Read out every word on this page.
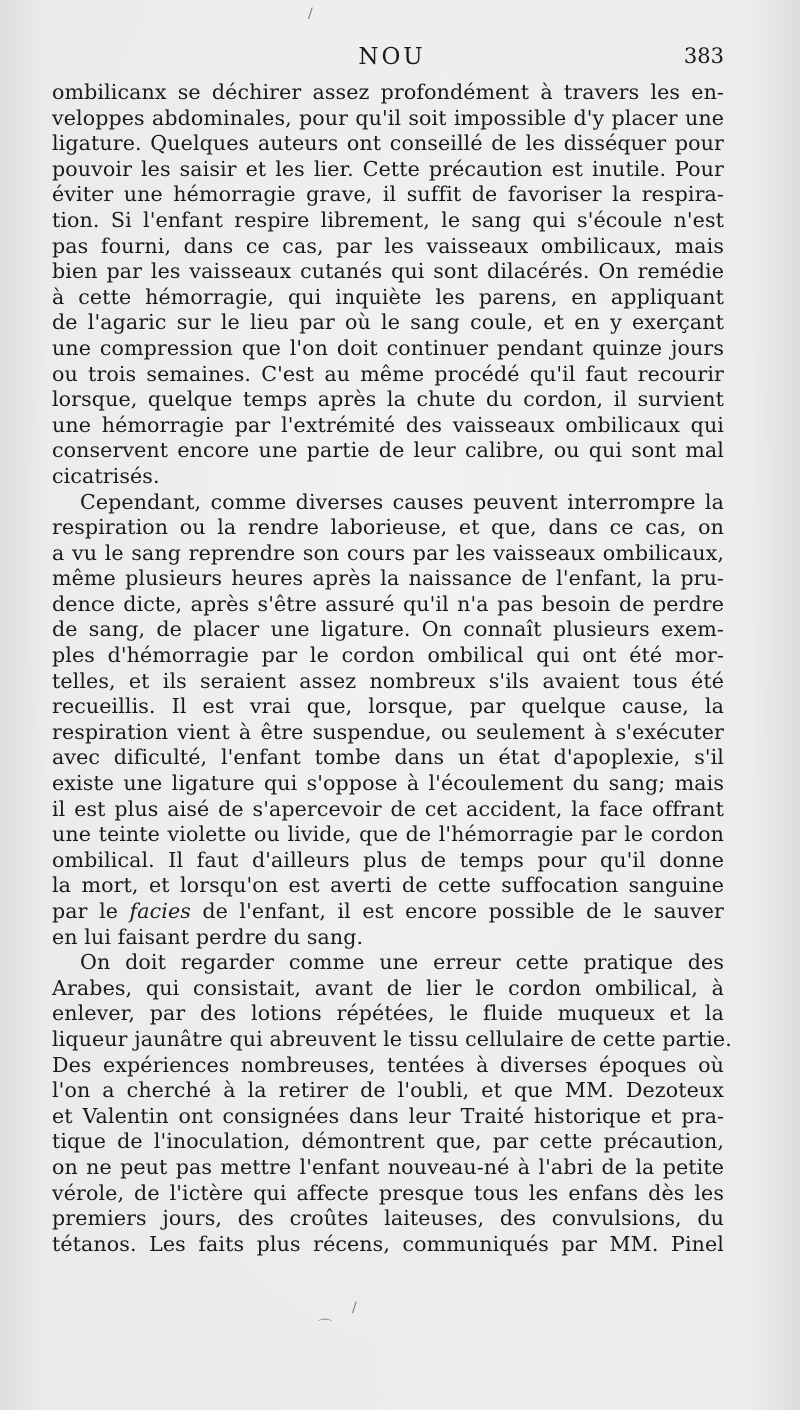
NOU	383
ombilicanx se déchirer assez profondément à travers les en-
veloppes abdominales, pour qu'il soit impossible d'y placer une
ligature. Quelques auteurs ont conseillé de les disséquer pour
pouvoir les saisir et les lier. Cette précaution est inutile. Pour
éviter une hémorragie grave, il suffit de favoriser la respira-
tion. Si l'enfant respire librement, le sang qui s'écoule n'est
pas fourni, dans ce cas, par les vaisseaux ombilicaux, mais
bien par les vaisseaux cutanés qui sont dilacérés. On remédie
à cette hémorragie, qui inquiète les parens, en appliquant
de l'agaric sur le lieu par où le sang coule, et en y exerçant
une compression que l'on doit continuer pendant quinze jours
ou trois semaines. C'est au même procédé qu'il faut recourir
lorsque, quelque temps après la chute du cordon, il survient
une hémorragie par l'extrémité des vaisseaux ombilicaux qui
conservent encore une partie de leur calibre, ou qui sont mal
cicatrisés.
Cependant, comme diverses causes peuvent interrompre la
respiration ou la rendre laborieuse, et que, dans ce cas, on
a vu le sang reprendre son cours par les vaisseaux ombilicaux,
même plusieurs heures après la naissance de l'enfant, la pru-
dence dicte, après s'être assuré qu'il n'a pas besoin de perdre
de sang, de placer une ligature. On connaît plusieurs exem-
ples d'hémorragie par le cordon ombilical qui ont été mor-
telles, et ils seraient assez nombreux s'ils avaient tous été
recueillis. Il est vrai que, lorsque, par quelque cause, la
respiration vient à être suspendue, ou seulement à s'exécuter
avec dificulté, l'enfant tombe dans un état d'apoplexie, s'il
existe une ligature qui s'oppose à l'écoulement du sang; mais
il est plus aisé de s'apercevoir de cet accident, la face offrant
une teinte violette ou livide, que de l'hémorragie par le cordon
ombilical. Il faut d'ailleurs plus de temps pour qu'il donne
la mort, et lorsqu'on est averti de cette suffocation sanguine
par le facies de l'enfant, il est encore possible de le sauver
en lui faisant perdre du sang.
On doit regarder comme une erreur cette pratique des
Arabes, qui consistait, avant de lier le cordon ombilical, à
enlever, par des lotions répétées, le fluide muqueux et la
liqueur jaunâtre qui abreuvent le tissu cellulaire de cette partie.
Des expériences nombreuses, tentées à diverses époques où
l'on a cherché à la retirer de l'oubli, et que MM. Dezoteux
et Valentin ont consignées dans leur Traité historique et pra-
tique de l'inoculation, démontrent que, par cette précaution,
on ne peut pas mettre l'enfant nouveau-né à l'abri de la petite
vérole, de l'ictère qui affecte presque tous les enfans dès les
premiers jours, des croûtes laiteuses, des convulsions, du
tétanos. Les faits plus récens, communiqués par MM. Pinel
/
/
⌒
